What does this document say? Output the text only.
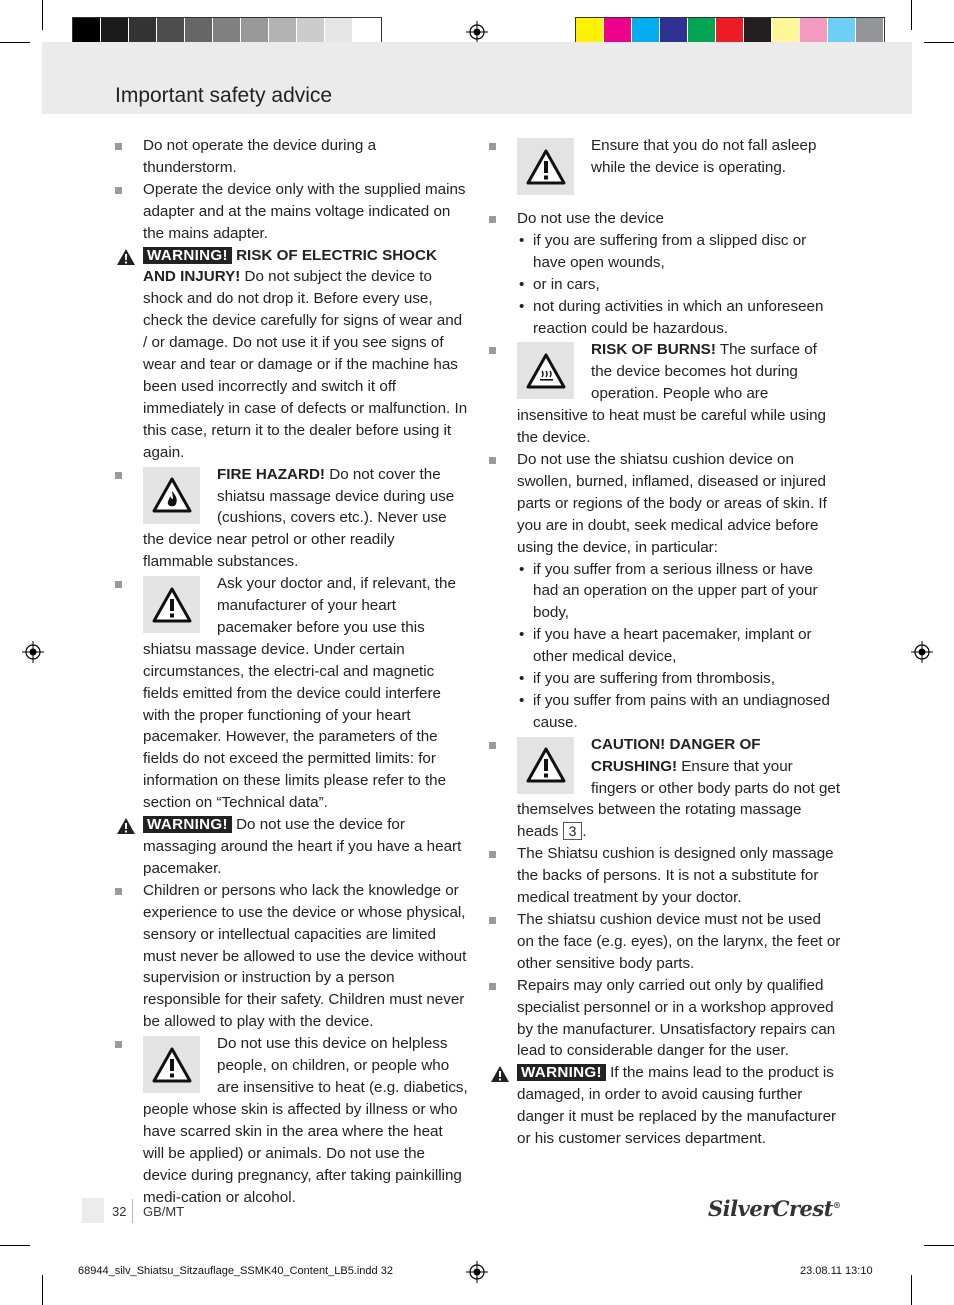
Important safety advice
Do not operate the device during a thunderstorm.
Operate the device only with the supplied mains adapter and at the mains voltage indicated on the mains adapter.
WARNING! RISK OF ELECTRIC SHOCK AND INJURY! Do not subject the device to shock and do not drop it. Before every use, check the device carefully for signs of wear and / or damage. Do not use it if you see signs of wear and tear or damage or if the machine has been used incorrectly and switch it off immediately in case of defects or malfunction. In this case, return it to the dealer before using it again.
FIRE HAZARD! Do not cover the shiatsu massage device during use (cushions, covers etc.). Never use the device near petrol or other readily flammable substances.
Ask your doctor and, if relevant, the manufacturer of your heart pacemaker before you use this shiatsu massage device. Under certain circumstances, the electri-cal and magnetic fields emitted from the device could interfere with the proper functioning of your heart pacemaker. However, the parameters of the fields do not exceed the permitted limits: for information on these limits please refer to the section on “Technical data”.
WARNING! Do not use the device for massaging around the heart if you have a heart pacemaker.
Children or persons who lack the knowledge or experience to use the device or whose physical, sensory or intellectual capacities are limited must never be allowed to use the device without supervision or instruction by a person responsible for their safety. Children must never be allowed to play with the device.
Do not use this device on helpless people, on children, or people who are insensitive to heat (e.g. diabetics, people whose skin is affected by illness or who have scarred skin in the area where the heat will be applied) or animals. Do not use the device during pregnancy, after taking painkilling medi-cation or alcohol.
Ensure that you do not fall asleep while the device is operating.
Do not use the device
• if you are suffering from a slipped disc or have open wounds,
• or in cars,
• not during activities in which an unforeseen reaction could be hazardous.
RISK OF BURNS! The surface of the device becomes hot during operation. People who are insensitive to heat must be careful while using the device.
Do not use the shiatsu cushion device on swollen, burned, inflamed, diseased or injured parts or regions of the body or areas of skin. If you are in doubt, seek medical advice before using the device, in particular:
• if you suffer from a serious illness or have had an operation on the upper part of your body,
• if you have a heart pacemaker, implant or other medical device,
• if you are suffering from thrombosis,
• if you suffer from pains with an undiagnosed cause.
CAUTION! DANGER OF CRUSHING! Ensure that your fingers or other body parts do not get themselves between the rotating massage heads 3 .
The Shiatsu cushion is designed only massage the backs of persons. It is not a substitute for medical treatment by your doctor.
The shiatsu cushion device must not be used on the face (e.g. eyes), on the larynx, the feet or other sensitive body parts.
Repairs may only carried out only by qualified specialist personnel or in a workshop approved by the manufacturer. Unsatisfactory repairs can lead to considerable danger for the user.
WARNING! If the mains lead to the product is damaged, in order to avoid causing further danger it must be replaced by the manufacturer or his customer services department.
32 GB/MT	SilverCrest®
68944_silv_Shiatsu_Sitzauflage_SSMK40_Content_LB5.indd 32	23.08.11 13:10
